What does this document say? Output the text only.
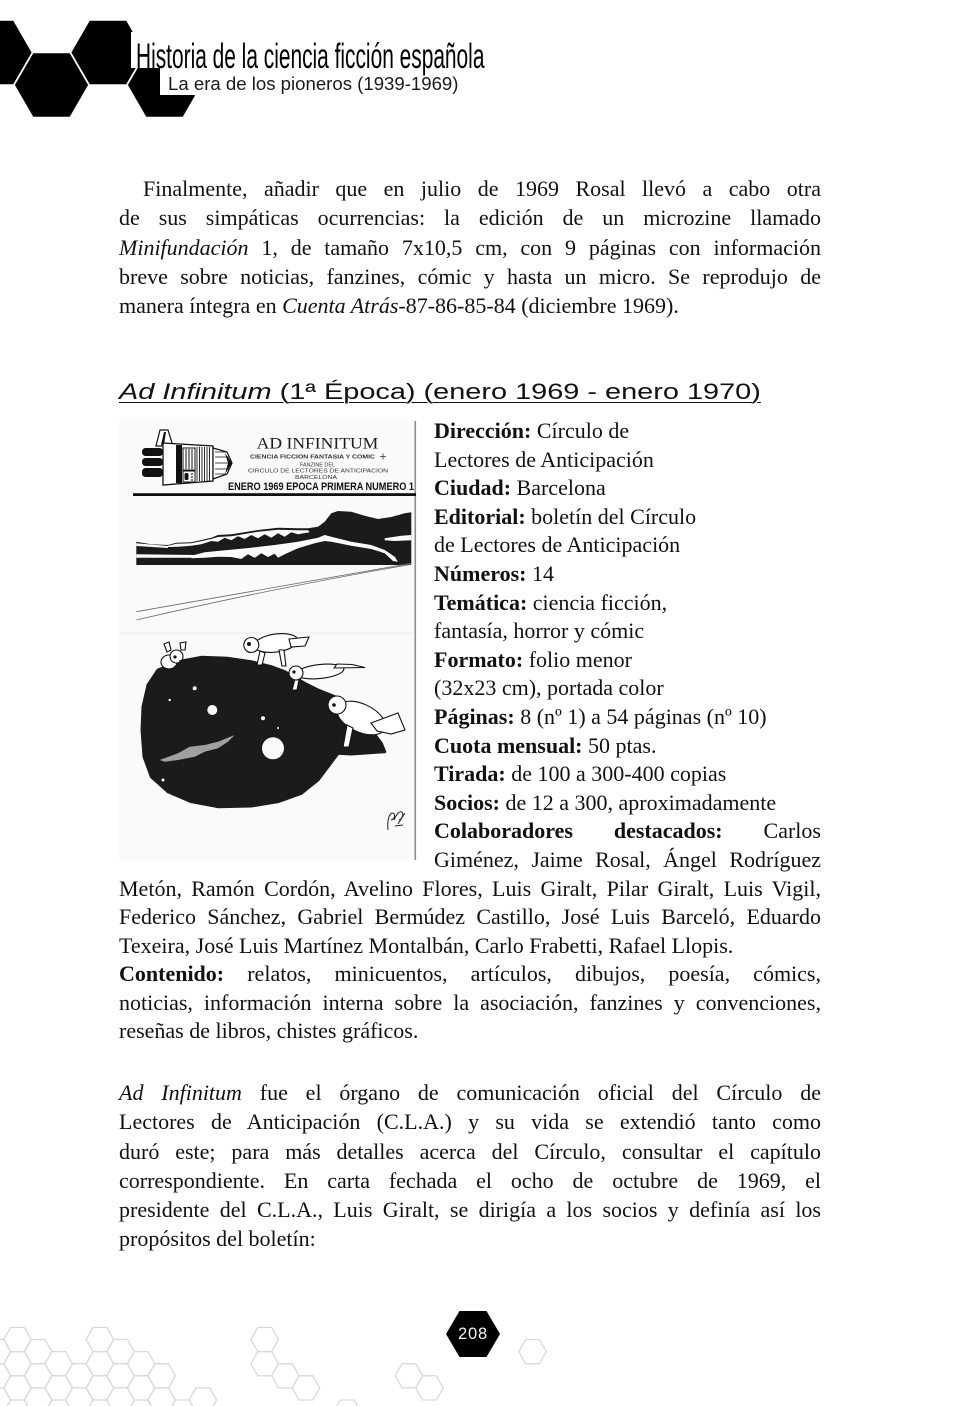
Historia de la ciencia ficción española
La era de los pioneros (1939-1969)
Finalmente, añadir que en julio de 1969 Rosal llevó a cabo otra
de sus simpáticas ocurrencias: la edición de un microzine llamado
Minifundación 1, de tamaño 7x10,5 cm, con 9 páginas con información
breve sobre noticias, fanzines, cómic y hasta un micro. Se reprodujo de
manera íntegra en Cuenta Atrás-87-86-85-84 (diciembre 1969).
Ad Infinitum (1ª Época) (enero 1969 - enero 1970)
AD INFINITUM
CIENCIA FICCION FANTASIA Y COMIC
FANZINE DEL
CIRCULO DE LECTORES DE ANTICIPACION
BARCELONA
ENERO 1969 EPOCA PRIMERA NUMERO 1
Dirección: Círculo de
Lectores de Anticipación
Ciudad: Barcelona
Editorial: boletín del Círculo
de Lectores de Anticipación
Números: 14
Temática: ciencia ficción,
fantasía, horror y cómic
Formato: folio menor
(32x23 cm), portada color
Páginas: 8 (nº 1) a 54 páginas (nº 10)
Cuota mensual: 50 ptas.
Tirada: de 100 a 300-400 copias
Socios: de 12 a 300, aproximadamente
Colaboradores destacados: Carlos
Giménez, Jaime Rosal, Ángel Rodríguez
Metón, Ramón Cordón, Avelino Flores, Luis Giralt, Pilar Giralt, Luis Vigil,
Federico Sánchez, Gabriel Bermúdez Castillo, José Luis Barceló, Eduardo
Texeira, José Luis Martínez Montalbán, Carlo Frabetti, Rafael Llopis.
Contenido: relatos, minicuentos, artículos, dibujos, poesía, cómics,
noticias, información interna sobre la asociación, fanzines y convenciones,
reseñas de libros, chistes gráficos.
Ad Infinitum fue el órgano de comunicación oficial del Círculo de
Lectores de Anticipación (C.L.A.) y su vida se extendió tanto como
duró este; para más detalles acerca del Círculo, consultar el capítulo
correspondiente. En carta fechada el ocho de octubre de 1969, el
presidente del C.L.A., Luis Giralt, se dirigía a los socios y definía así los
propósitos del boletín:
208
